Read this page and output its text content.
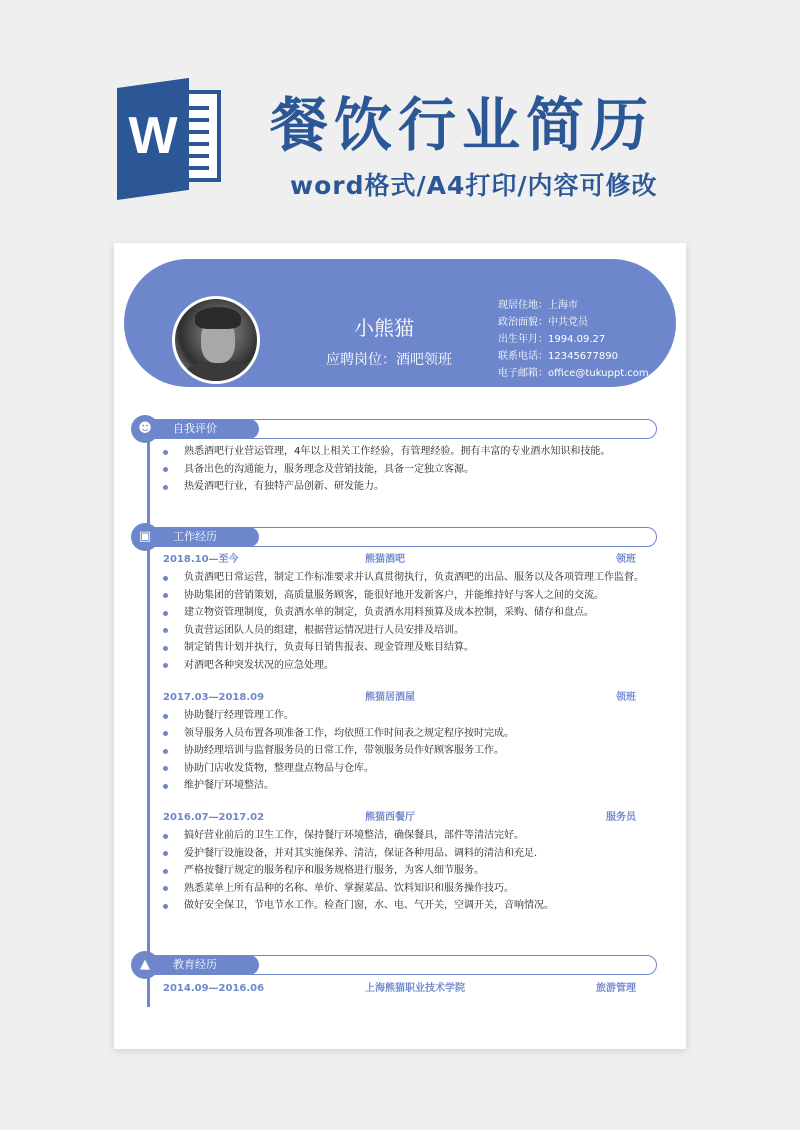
W 餐饮行业简历
word格式/A4打印/内容可修改
小熊猫
应聘岗位：酒吧领班
现居住地：上海市
政治面貌：中共党员
出生年月：1994.09.27
联系电话：12345677890
电子邮箱：office@tukuppt.com
☻	自我评价
熟悉酒吧行业营运管理，4年以上相关工作经验，有管理经验。拥有丰富的专业酒水知识和技能。
具备出色的沟通能力，服务理念及营销技能，具备一定独立客源。
热爱酒吧行业，有独特产品创新、研发能力。
▣	工作经历
2018.10—至今	熊猫酒吧	领班
负责酒吧日常运营，制定工作标准要求并认真贯彻执行，负责酒吧的出品、服务以及各项管理工作监督。
协助集团的营销策划，高质量服务顾客，能很好地开发新客户，并能维持好与客人之间的交流。
建立物资管理制度，负责酒水单的制定，负责酒水用料预算及成本控制，采购、储存和盘点。
负责营运团队人员的组建，根据营运情况进行人员安排及培训。
制定销售计划并执行，负责每日销售报表、现金管理及账目结算。
对酒吧各种突发状况的应急处理。
2017.03—2018.09	熊猫居酒屋	领班
协助餐厅经理管理工作。
领导服务人员布置各项准备工作，均依照工作时间表之规定程序按时完成。
协助经理培训与监督服务员的日常工作，带领服务员作好顾客服务工作。
协助门店收发货物，整理盘点物品与仓库。
维护餐厅环境整洁。
2016.07—2017.02	熊猫西餐厅	服务员
搞好营业前后的卫生工作，保持餐厅环境整洁，确保餐具，部件等清洁完好。
爱护餐厅设施设备，并对其实施保养、清洁，保证各种用品、调料的清洁和充足.
严格按餐厅规定的服务程序和服务规格进行服务，为客人细节服务。
熟悉菜单上所有品种的名称、单价、掌握菜品、饮料知识和服务操作技巧。
做好安全保卫，节电节水工作。检查门窗，水、电、气开关，空调开关，音响情况。
▲	教育经历
2014.09—2016.06	上海熊猫职业技术学院	旅游管理
